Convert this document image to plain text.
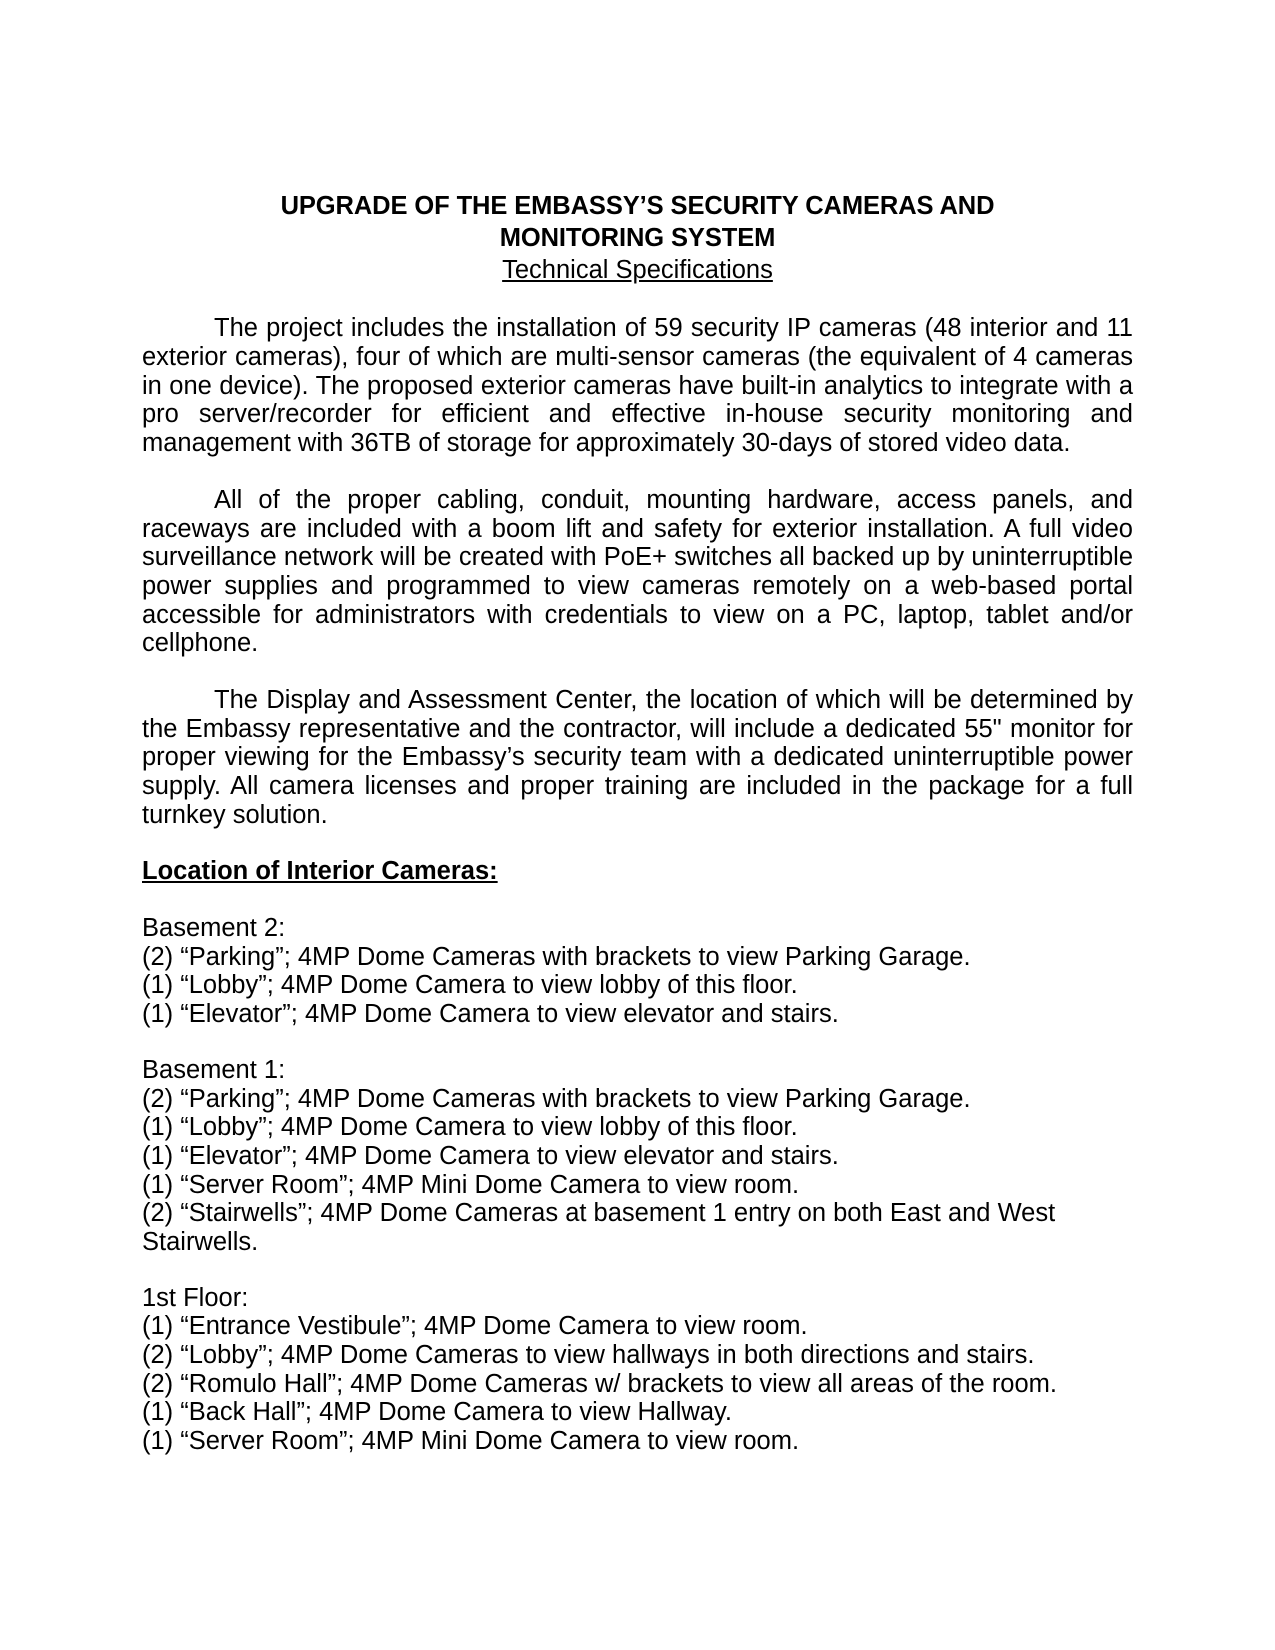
UPGRADE OF THE EMBASSY’S SECURITY CAMERAS AND
MONITORING SYSTEM
Technical Specifications

The project includes the installation of 59 security IP cameras (48 interior and 11 exterior cameras), four of which are multi-sensor cameras (the equivalent of 4 cameras in one device). The proposed exterior cameras have built-in analytics to integrate with a pro server/recorder for efficient and effective in-house security monitoring and management with 36TB of storage for approximately 30-days of stored video data.

All of the proper cabling, conduit, mounting hardware, access panels, and raceways are included with a boom lift and safety for exterior installation. A full video surveillance network will be created with PoE+ switches all backed up by uninterruptible power supplies and programmed to view cameras remotely on a web-based portal accessible for administrators with credentials to view on a PC, laptop, tablet and/or cellphone.

The Display and Assessment Center, the location of which will be determined by the Embassy representative and the contractor, will include a dedicated 55" monitor for proper viewing for the Embassy’s security team with a dedicated uninterruptible power supply. All camera licenses and proper training are included in the package for a full turnkey solution.

Location of Interior Cameras:
Basement 2:
(2) “Parking”; 4MP Dome Cameras with brackets to view Parking Garage.
(1) “Lobby”; 4MP Dome Camera to view lobby of this floor.
(1) “Elevator”; 4MP Dome Camera to view elevator and stairs.
Basement 1:
(2) “Parking”; 4MP Dome Cameras with brackets to view Parking Garage.
(1) “Lobby”; 4MP Dome Camera to view lobby of this floor.
(1) “Elevator”; 4MP Dome Camera to view elevator and stairs.
(1) “Server Room”; 4MP Mini Dome Camera to view room.
(2) “Stairwells”; 4MP Dome Cameras at basement 1 entry on both East and West Stairwells.
1st Floor:
(1) “Entrance Vestibule”; 4MP Dome Camera to view room.
(2) “Lobby”; 4MP Dome Cameras to view hallways in both directions and stairs.
(2) “Romulo Hall”; 4MP Dome Cameras w/ brackets to view all areas of the room.
(1) “Back Hall”; 4MP Dome Camera to view Hallway.
(1) “Server Room”; 4MP Mini Dome Camera to view room.
